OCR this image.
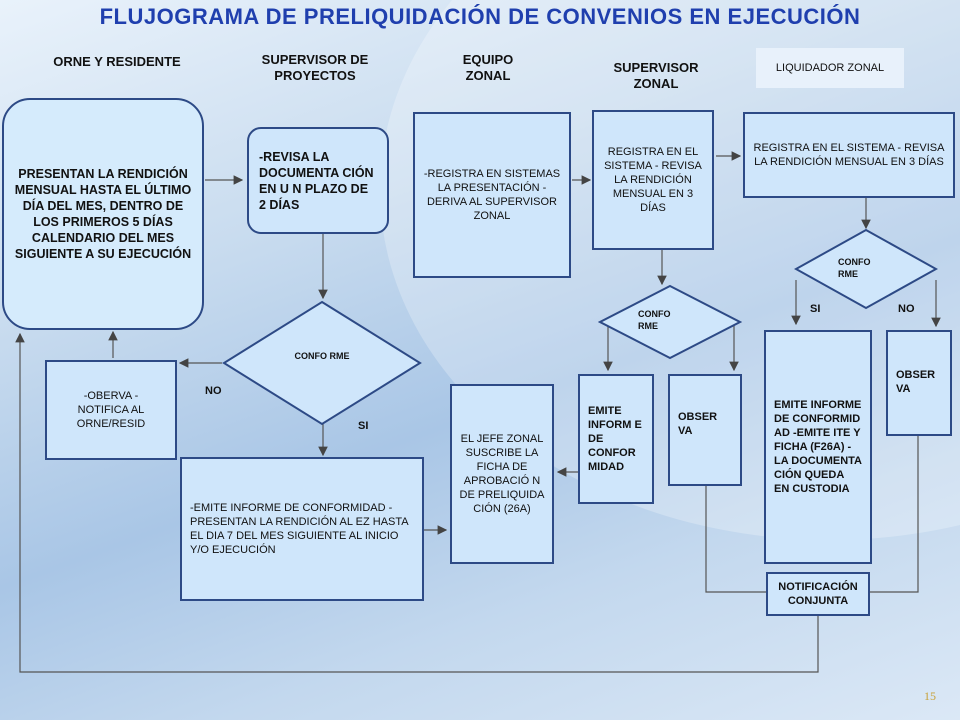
FLUJOGRAMA DE PRELIQUIDACIÓN DE CONVENIOS EN EJECUCIÓN
ORNE Y RESIDENTE	SUPERVISOR DE PROYECTOS
EQUIPO ZONAL
SUPERVISOR ZONAL
LIQUIDADOR ZONAL
PRESENTAN LA RENDICIÓN MENSUAL HASTA EL ÚLTIMO DÍA DEL MES, DENTRO DE LOS PRIMEROS 5 DÍAS CALENDARIO DEL MES SIGUIENTE A SU EJECUCIÓN
-REVISA LA DOCUMENTA CIÓN EN U N PLAZO DE 2 DÍAS
-REGISTRA EN SISTEMAS LA PRESENTACIÓN -DERIVA AL SUPERVISOR ZONAL
REGISTRA EN EL SISTEMA - REVISA LA RENDICIÓN MENSUAL EN 3 DÍAS
REGISTRA EN EL SISTEMA - REVISA LA RENDICIÓN MENSUAL EN 3 DÍAS
CONFO RME
CONFO RME
CONFO RME
NO
SI
SI	NO
-OBERVA -NOTIFICA AL ORNE/RESID
-EMITE INFORME DE CONFORMIDAD -PRESENTAN LA RENDICIÓN AL EZ HASTA EL DIA 7 DEL MES SIGUIENTE AL INICIO Y/O EJECUCIÓN
EL JEFE ZONAL SUSCRIBE LA FICHA DE APROBACIÓ N DE PRELIQUIDA CIÓN (26A)
EMITE INFORM E DE CONFOR MIDAD
OBSER VA
EMITE INFORME DE CONFORMID AD -EMITE ITE Y FICHA (F26A) -LA DOCUMENTA CIÓN QUEDA EN CUSTODIA
OBSER VA
NOTIFICACIÓN CONJUNTA
15
